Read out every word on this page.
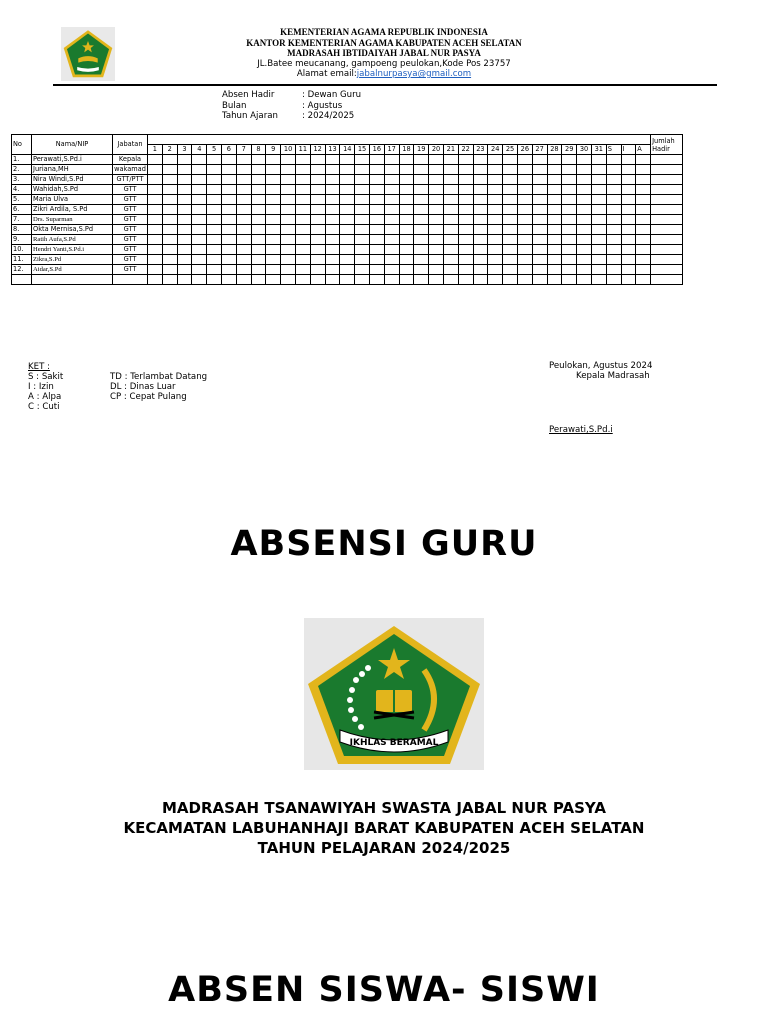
KEMENTERIAN AGAMA REPUBLIK INDONESIA
KANTOR KEMENTERIAN AGAMA KABUPATEN ACEH SELATAN
MADRASAH IBTIDAIYAH JABAL NUR PASYA
JL.Batee meucanang, gampoeng peulokan,Kode Pos 23757
Alamat email:jabalnurpasya@gmail.com
Absen Hadir	: Dewan Guru
Bulan	: Agustus
Tahun Ajaran	: 2024/2025
No	Nama/NIP	Jabatan																																			Jumlah Hadir
			1	2	3	4	5	6	7	8	9	10	11	12	13	14	15	16	17	18	19	20	21	22	23	24	25	26	27	28	29	30	31	S	I	A	
1.	Perawati,S.Pd.i	Kepala																																			
2.	Juriana,MH	wakamad																																			
3.	Nira Windi,S.Pd	GTT/PTT																																			
4.	Wahidah,S.Pd	GTT																																			
5.	Maria Ulva	GTT																																			
6.	Zikri Ardila, S.Pd	GTT																																			
7.	Drs. Suparman	GTT																																			
8.	Okta Mernisa,S.Pd	GTT																																			
9.	Ratih Aufa,S.Pd	GTT																																			
10.	Hendri Yanti,S.Pd.i	GTT																																			
11.	Zikra,S.Pd	GTT																																			
12.	Aidar,S.Pd	GTT																																			

KET :
S : Sakit	TD : Terlambat Datang
I : Izin	DL : Dinas Luar
A : Alpa	CP : Cepat Pulang
C : Cuti
Peulokan, Agustus 2024
Kepala Madrasah
Perawati,S.Pd.i
ABSENSI GURU
IKHLAS BERAMAL
MADRASAH TSANAWIYAH SWASTA JABAL NUR PASYA
KECAMATAN LABUHANHAJI BARAT KABUPATEN ACEH SELATAN
TAHUN PELAJARAN 2024/2025
ABSEN SISWA- SISWI
